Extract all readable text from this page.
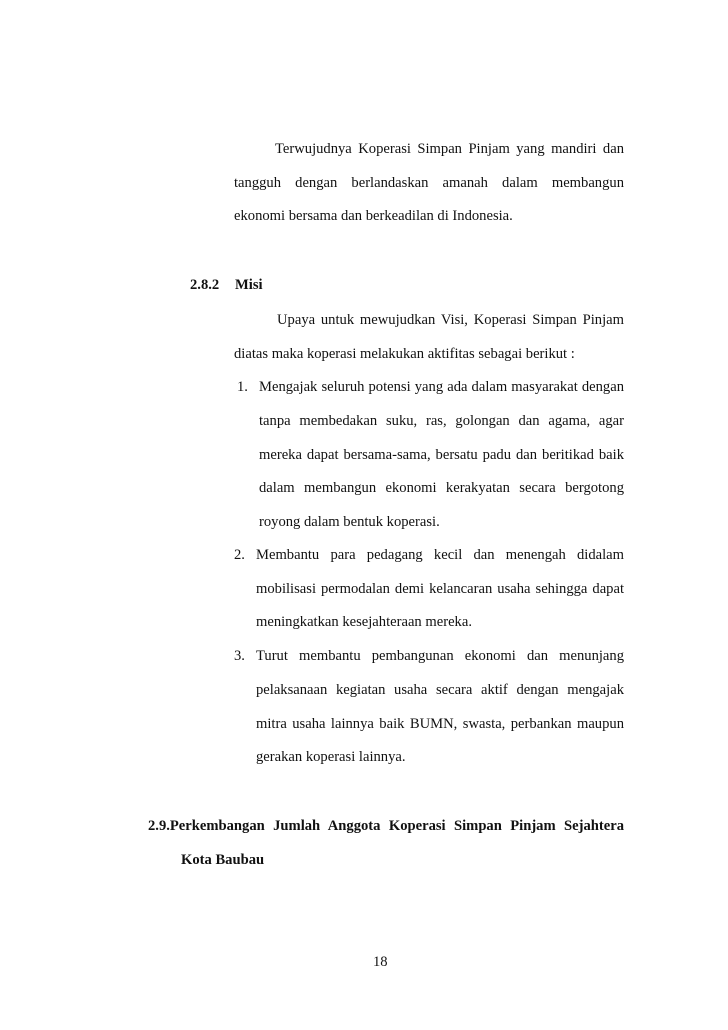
Terwujudnya Koperasi Simpan Pinjam yang mandiri dan
tangguh dengan berlandaskan amanah dalam membangun
ekonomi bersama dan berkeadilan di Indonesia.
2.8.2 Misi
Upaya untuk mewujudkan Visi, Koperasi Simpan Pinjam
diatas maka koperasi melakukan aktifitas sebagai berikut :
1. Mengajak seluruh potensi yang ada dalam masyarakat dengan
tanpa membedakan suku, ras, golongan dan agama, agar
mereka dapat bersama-sama, bersatu padu dan beritikad baik
dalam membangun ekonomi kerakyatan secara bergotong
royong dalam bentuk koperasi.
2. Membantu para pedagang kecil dan menengah didalam
mobilisasi permodalan demi kelancaran usaha sehingga dapat
meningkatkan kesejahteraan mereka.
3. Turut membantu pembangunan ekonomi dan menunjang
pelaksanaan kegiatan usaha secara aktif dengan mengajak
mitra usaha lainnya baik BUMN, swasta, perbankan maupun
gerakan koperasi lainnya.
2.9.Perkembangan Jumlah Anggota Koperasi Simpan Pinjam Sejahtera
Kota Baubau
18
